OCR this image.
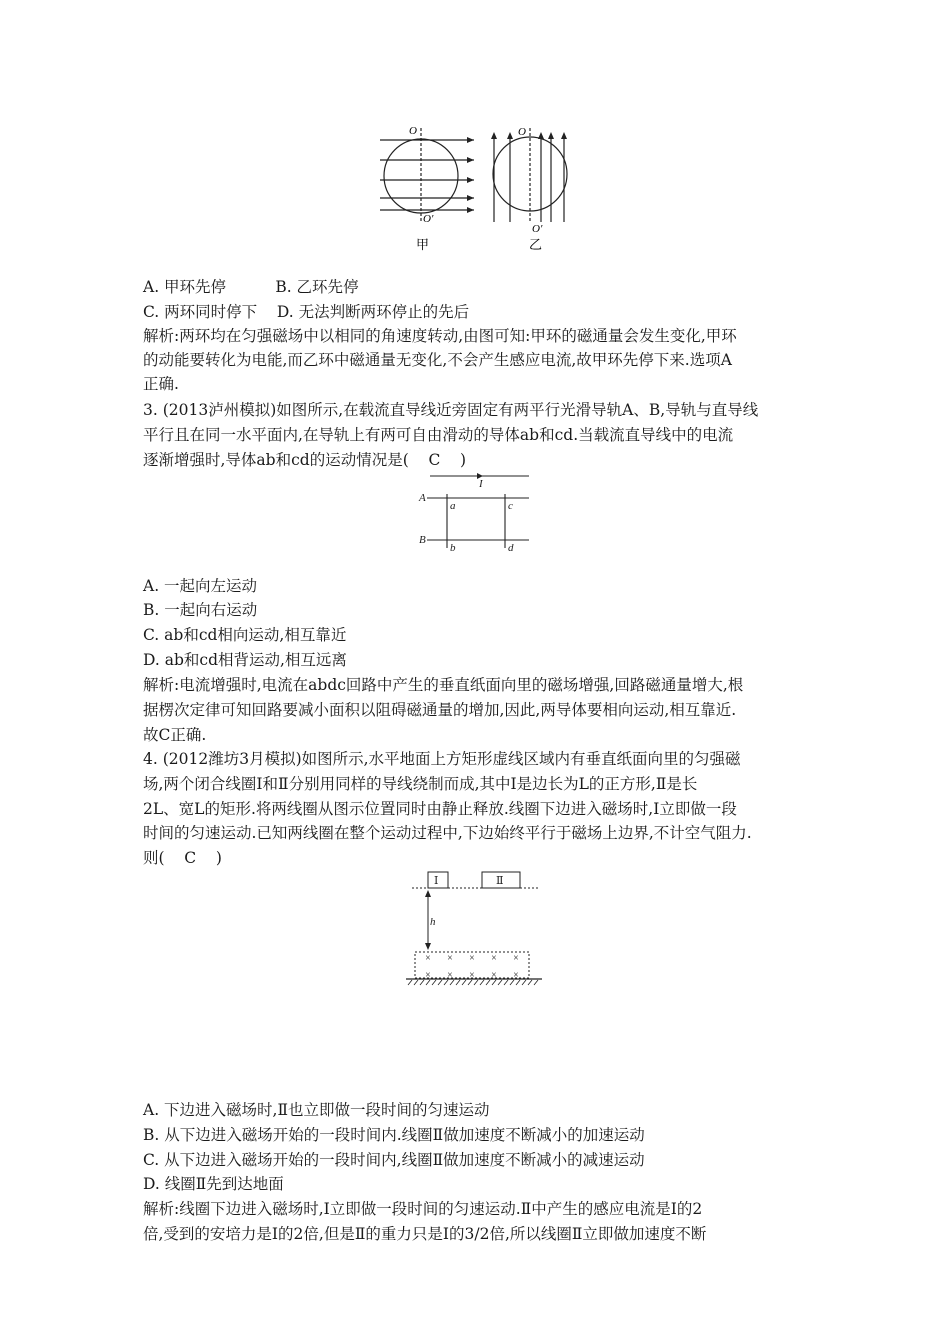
O
O′
甲
O
O′
乙
A. 甲环先停          B. 乙环先停
C. 两环同时停下    D. 无法判断两环停止的先后
解析:两环均在匀强磁场中以相同的角速度转动,由图可知:甲环的磁通量会发生变化,甲环
的动能要转化为电能,而乙环中磁通量无变化,不会产生感应电流,故甲环先停下来.选项A
正确.
3. (2013泸州模拟)如图所示,在载流直导线近旁固定有两平行光滑导轨A、B,导轨与直导线
平行且在同一水平面内,在导轨上有两可自由滑动的导体ab和cd.当载流直导线中的电流
逐渐增强时,导体ab和cd的运动情况是(    C    )
I
A
B
a
b
c
d
A. 一起向左运动
B. 一起向右运动
C. ab和cd相向运动,相互靠近
D. ab和cd相背运动,相互远离
解析:电流增强时,电流在abdc回路中产生的垂直纸面向里的磁场增强,回路磁通量增大,根
据楞次定律可知回路要减小面积以阻碍磁通量的增加,因此,两导体要相向运动,相互靠近.
故C正确.
4. (2012潍坊3月模拟)如图所示,水平地面上方矩形虚线区域内有垂直纸面向里的匀强磁
场,两个闭合线圈Ⅰ和Ⅱ分别用同样的导线绕制而成,其中Ⅰ是边长为L的正方形,Ⅱ是长
2L、宽L的矩形.将两线圈从图示位置同时由静止释放.线圈下边进入磁场时,Ⅰ立即做一段
时间的匀速运动.已知两线圈在整个运动过程中,下边始终平行于磁场上边界,不计空气阻力.
则(    C    )
× × × × ×
× × × × ×
Ⅰ	Ⅱ
h
A. 下边进入磁场时,Ⅱ也立即做一段时间的匀速运动
B. 从下边进入磁场开始的一段时间内.线圈Ⅱ做加速度不断减小的加速运动
C. 从下边进入磁场开始的一段时间内,线圈Ⅱ做加速度不断减小的减速运动
D. 线圈Ⅱ先到达地面
解析:线圈下边进入磁场时,Ⅰ立即做一段时间的匀速运动.Ⅱ中产生的感应电流是Ⅰ的2
倍,受到的安培力是Ⅰ的2倍,但是Ⅱ的重力只是Ⅰ的3/2倍,所以线圈Ⅱ立即做加速度不断
